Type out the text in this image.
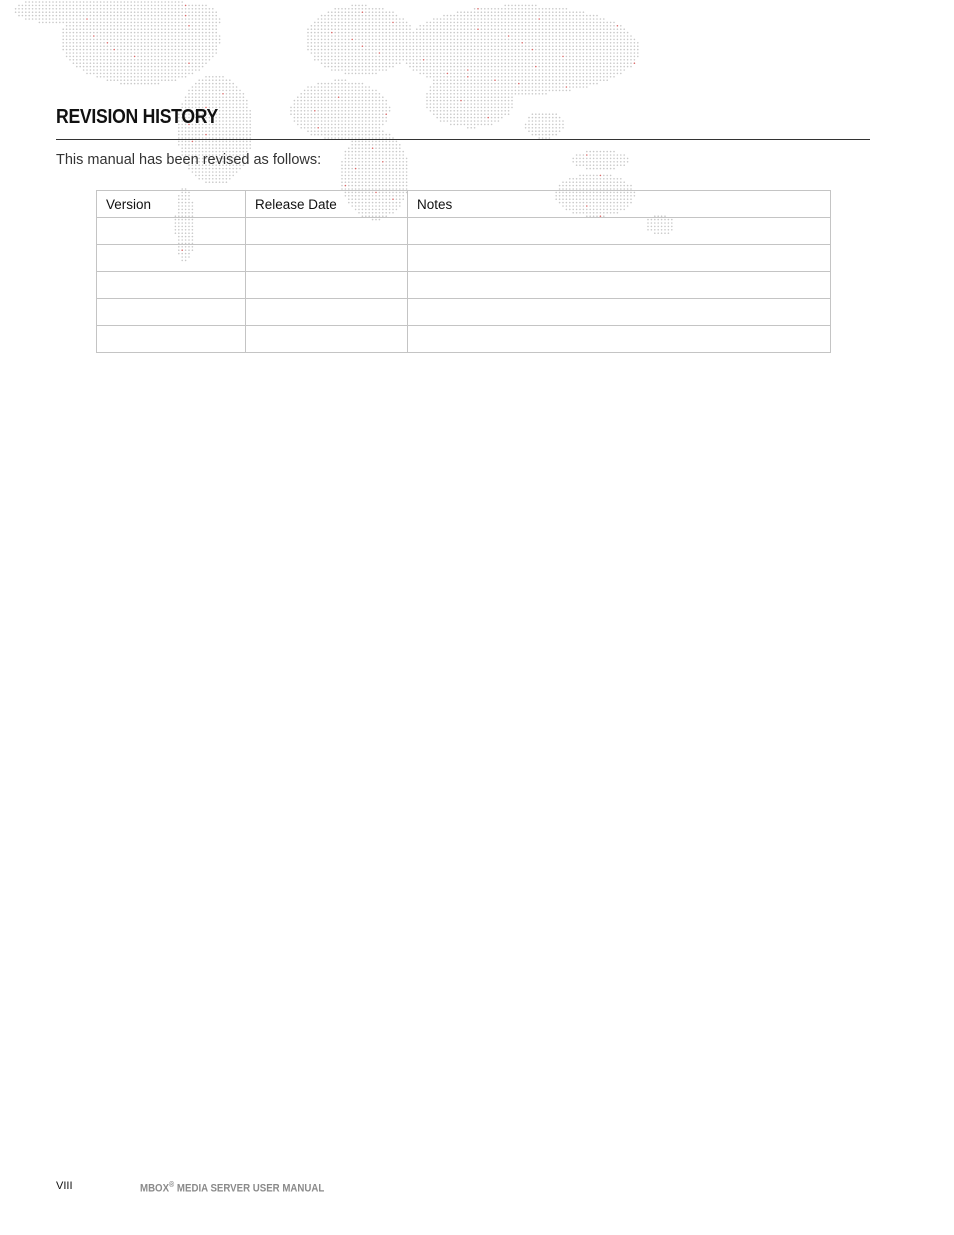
REVISION HISTORY

This manual has been revised as follows:

Version	Release Date	Notes

VIII	MBOX® MEDIA SERVER USER MANUAL
